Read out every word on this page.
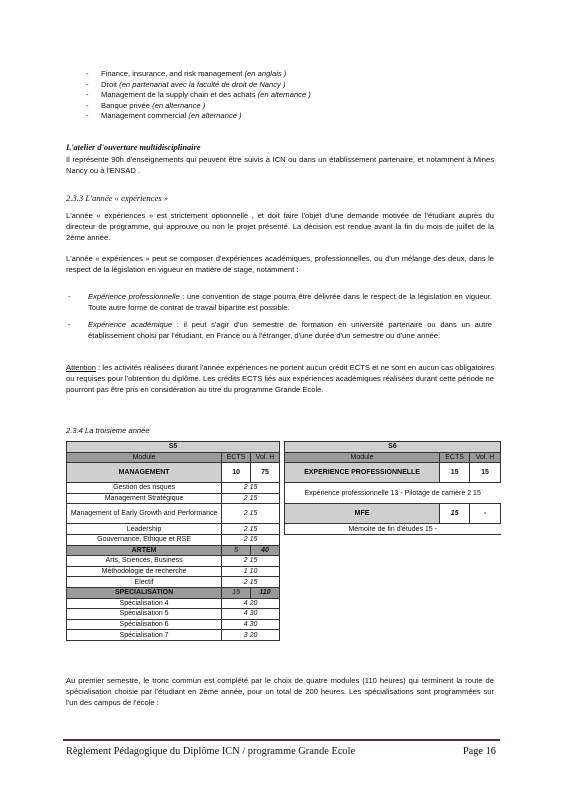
- Finance, insurance, and risk management (en anglais )
- Droit (en partenariat avec la faculté de droit de Nancy )
- Management de la supply chain et des achats (en alternance )
- Banque privée (en alternance )
- Management commercial (en alternance )
L'atelier d'ouverture multidisciplinaire
Il représente 90h d'enseignements qui peuvent être suivis à ICN ou dans un établissement partenaire, et notamment à Mines Nancy ou à l'ENSAD .
2.3.3 L'année « expériences »
L'année « expériences » est strictement optionnelle , et doit faire l'objet d'une demande motivée de l'étudiant auprès du directeur de programme, qui approuve ou non le projet présenté. La décision est rendue avant la fin du mois de juillet de la 2ème année.
L'année « expériences » peut se composer d'expériences académiques, professionnelles, ou d'un mélange des deux, dans le respect de la législation en vigueur en matière de stage, notamment :
- Expérience professionnelle : une convention de stage pourra être délivrée dans le respect de la législation en vigueur. Toute autre forme de contrat de travail bipartite est possible.
- Expérience académique : il peut s'agir d'un semestre de formation en université partenaire ou dans un autre établissement choisi par l'étudiant, en France ou à l'étranger, d'une durée d'un semestre ou d'une année.
Attention : les activités réalisées durant l'année expériences ne portent aucun crédit ECTS et ne sont en aucun cas obligatoires ou requises pour l'obtention du diplôme. Les crédits ECTS liés aux expériences académiques réalisées durant cette période ne pourront pas être pris en considération au titre du programme Grande Ecole.
2.3.4 La troisième année
S5				S6		
Module	ECTS	Vol. H		Module	ECTS	Vol. H
MANAGEMENT	10	75		EXPERIENCE PROFESSIONNELLE	15	15
Gestion des risques	2 15			Expérience professionnelle 13 - Pilotage de carrière 2 15		
Management Stratégique	2 15					
Management of Early Growth and Performance	2 15			MFE	15	-
Leadership	2 15			Mémoire de fin d'études 15 -		
Gouvernance, Ethique et RSE	2 15					
ARTEM	5	40				
Arts, Sciences, Business	2 15					
Méthodologie de recherche	1 10					
Electif	2 15					
SPECIALISATION	15	110				
Spécialisation 4	4 20					
Spécialisation 5	4 30					
Spécialisation 6	4 30					
Spécialisation 7	3 20					
Au premier semestre, le tronc commun est complété par le choix de quatre modules (110 heures) qui terminent la route de spécialisation choisie par l'étudiant en 2ème année, pour un total de 200 heures. Les spécialisations sont programmées sur l'un des campus de l'école :
Règlement Pédagogique du Diplôme ICN / programme Grande Ecole	Page 16
